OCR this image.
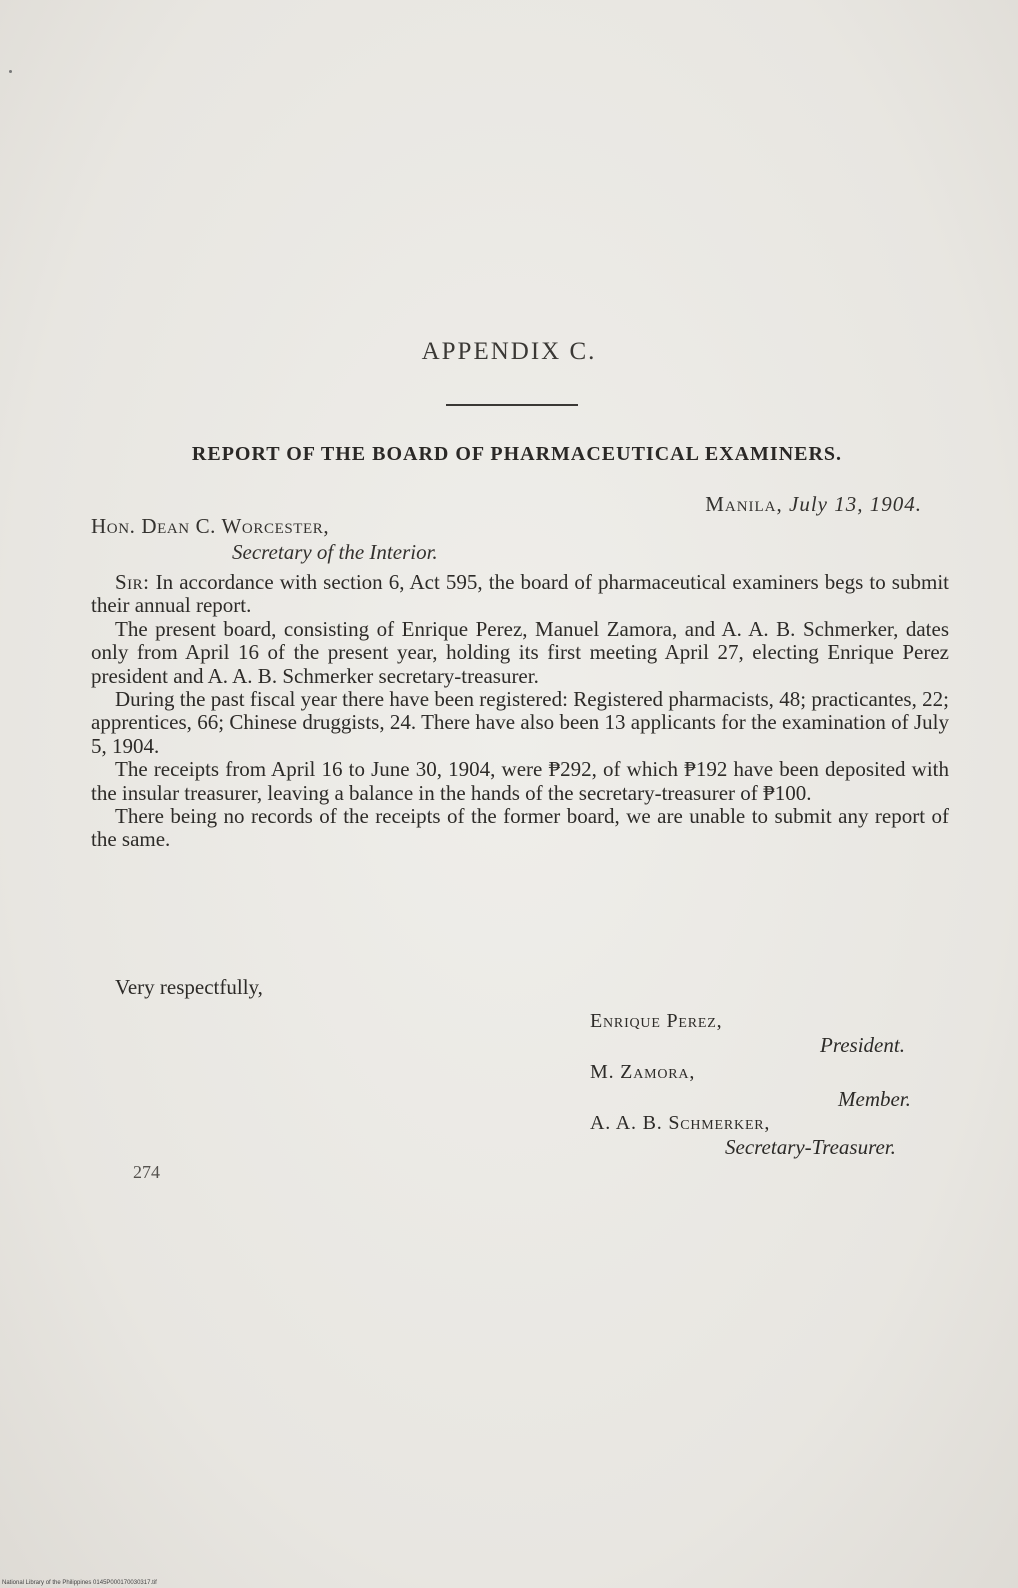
APPENDIX C.
REPORT OF THE BOARD OF PHARMACEUTICAL EXAMINERS.
Manila, July 13, 1904.
Hon. Dean C. Worcester,
Secretary of the Interior.

Sir: In accordance with section 6, Act 595, the board of pharmaceutical examiners begs to submit their annual report.

The present board, consisting of Enrique Perez, Manuel Zamora, and A. A. B. Schmerker, dates only from April 16 of the present year, holding its first meeting April 27, electing Enrique Perez president and A. A. B. Schmerker secretary-treasurer.

During the past fiscal year there have been registered: Registered pharmacists, 48; practicantes, 22; apprentices, 66; Chinese druggists, 24. There have also been 13 applicants for the examination of July 5, 1904.

The receipts from April 16 to June 30, 1904, were ₱292, of which ₱192 have been deposited with the insular treasurer, leaving a balance in the hands of the secretary-treasurer of ₱100.

There being no records of the receipts of the former board, we are unable to submit any report of the same.

Very respectfully,
Enrique Perez,
President.
M. Zamora,
Member.
A. A. B. Schmerker,
Secretary-Treasurer.
274
National Library of the Philippines 0145P000170030317.tif
